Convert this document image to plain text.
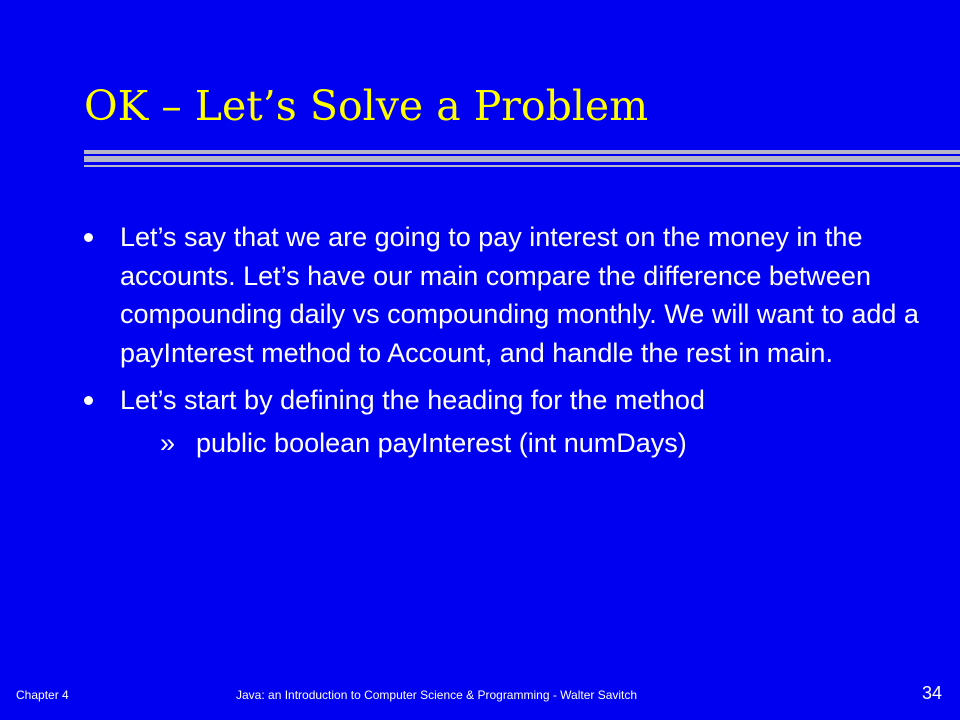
OK – Let’s Solve a Problem
Let’s say that we are going to pay interest on the money in the accounts. Let’s have our main compare the difference between compounding daily vs compounding monthly. We will want to add a payInterest method to Account, and handle the rest in main.
Let’s start by defining the heading for the method
» public boolean payInterest (int numDays)
Chapter 4	Java: an Introduction to Computer Science & Programming - Walter Savitch	34
